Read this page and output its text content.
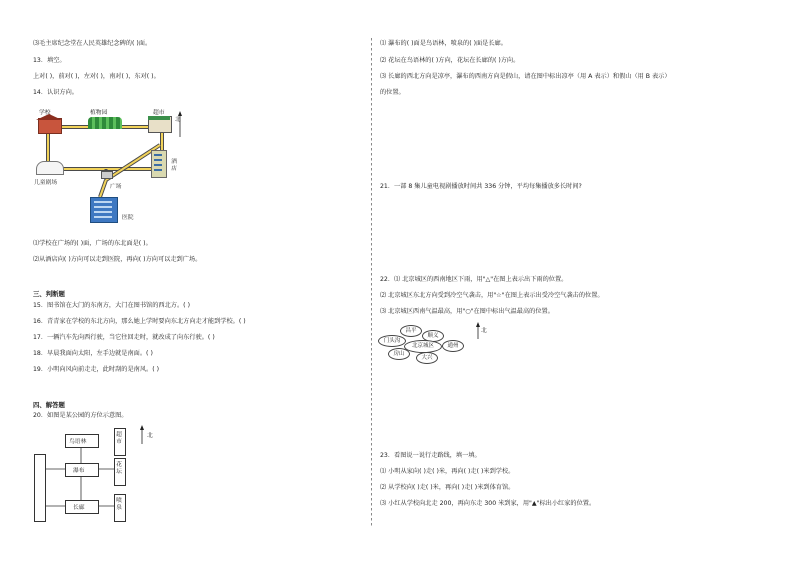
⑶毛主席纪念堂在人民英雄纪念碑的( )面。
13．填空。
上对( )，前对( )，左对( )，南对( )，东对( )。
14．认识方向。
学校	植物园	超市
北
酒店
儿童剧场
广场
医院
⑴学校在广场的( )面，广场的东北面是( )。
⑵从酒店向( )方向可以走到医院，再向( )方向可以走到广场。
三、判断题
15．图书馆在大门的东南方，大门在图书馆的西北方。( )
16．青青家在学校的东北方向，那么她上学时要向东北方向走才能到学校。( )
17．一辆汽车先向西行驶，当它往回走时，就改成了向东行驶。( )
18．早晨我面向太阳，左手边就是南面。( )
19．小明向风向前走走，此时刮的是南风。( )
四、解答题
20．如图是某公园的方位示意图。
鸟语林
超市
北
瀑布
花坛
长廊
喷泉
⑴ 瀑布的( )面是鸟语林，喷泉的( )面是长廊。
⑵ 花坛在鸟语林的( )方向，花坛在长廊的( )方向。
⑶ 长廊的西北方向是凉亭，瀑布的西南方向是假山，请在图中标出凉亭（用 A 表示）和假山（用 B 表示）
的位置。
21．一部 8 集儿童电视剧播放时间共 336 分钟，平均每集播放多长时间?
22．⑴ 北京城区的西南地区下雨，用"△"在图上表示出下雨的位置。
⑵ 北京城区东北方向受到冷空气袭击，用"☆"在图上表示出受冷空气袭击的位置。
⑶ 北京城区西南气温最高，用"○"在图中标出气温最高的位置。
门头沟
昌平
顺义
北京城区	通州
房山
大兴
北
23．看图说一说行走路线，填一填。
⑴ 小明从家向( )走( )米，再向( )走( )米到学校。
⑵ 从学校向( )走( )米，再向( )走( )米到体育馆。
⑶ 小红从学校向北走 200，再向东走 300 米到家，用"▲"标出小红家的位置。
